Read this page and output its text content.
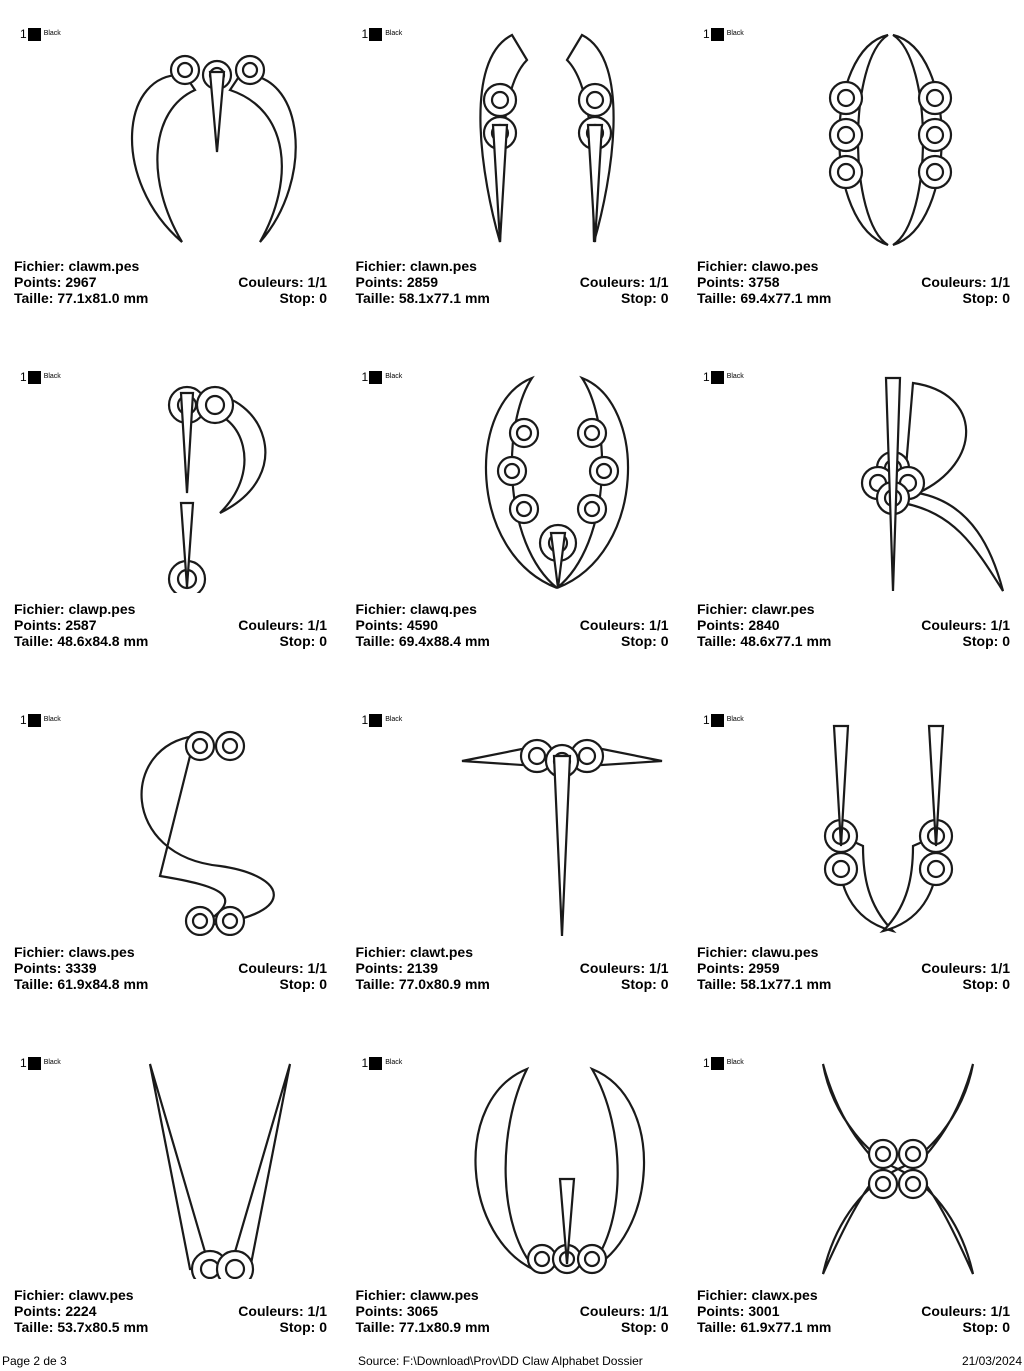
1 Black
Fichier: clawm.pes
Points: 2967	Couleurs: 1/1
Taille: 77.1x81.0 mm	Stop: 0
1 Black
Fichier: clawn.pes
Points: 2859	Couleurs: 1/1
Taille: 58.1x77.1 mm	Stop: 0
1 Black
Fichier: clawo.pes
Points: 3758	Couleurs: 1/1
Taille: 69.4x77.1 mm	Stop: 0
1 Black
Fichier: clawp.pes
Points: 2587	Couleurs: 1/1
Taille: 48.6x84.8 mm	Stop: 0
1 Black
Fichier: clawq.pes
Points: 4590	Couleurs: 1/1
Taille: 69.4x88.4 mm	Stop: 0
1 Black
Fichier: clawr.pes
Points: 2840	Couleurs: 1/1
Taille: 48.6x77.1 mm	Stop: 0
1 Black
Fichier: claws.pes
Points: 3339	Couleurs: 1/1
Taille: 61.9x84.8 mm	Stop: 0
1 Black
Fichier: clawt.pes
Points: 2139	Couleurs: 1/1
Taille: 77.0x80.9 mm	Stop: 0
1 Black
Fichier: clawu.pes
Points: 2959	Couleurs: 1/1
Taille: 58.1x77.1 mm	Stop: 0
1 Black
Fichier: clawv.pes
Points: 2224	Couleurs: 1/1
Taille: 53.7x80.5 mm	Stop: 0
1 Black
Fichier: claww.pes
Points: 3065	Couleurs: 1/1
Taille: 77.1x80.9 mm	Stop: 0
1 Black
Fichier: clawx.pes
Points: 3001	Couleurs: 1/1
Taille: 61.9x77.1 mm	Stop: 0
Page 2 de 3	Source: F:\Download\Prov\DD Claw Alphabet Dossier	21/03/2024
